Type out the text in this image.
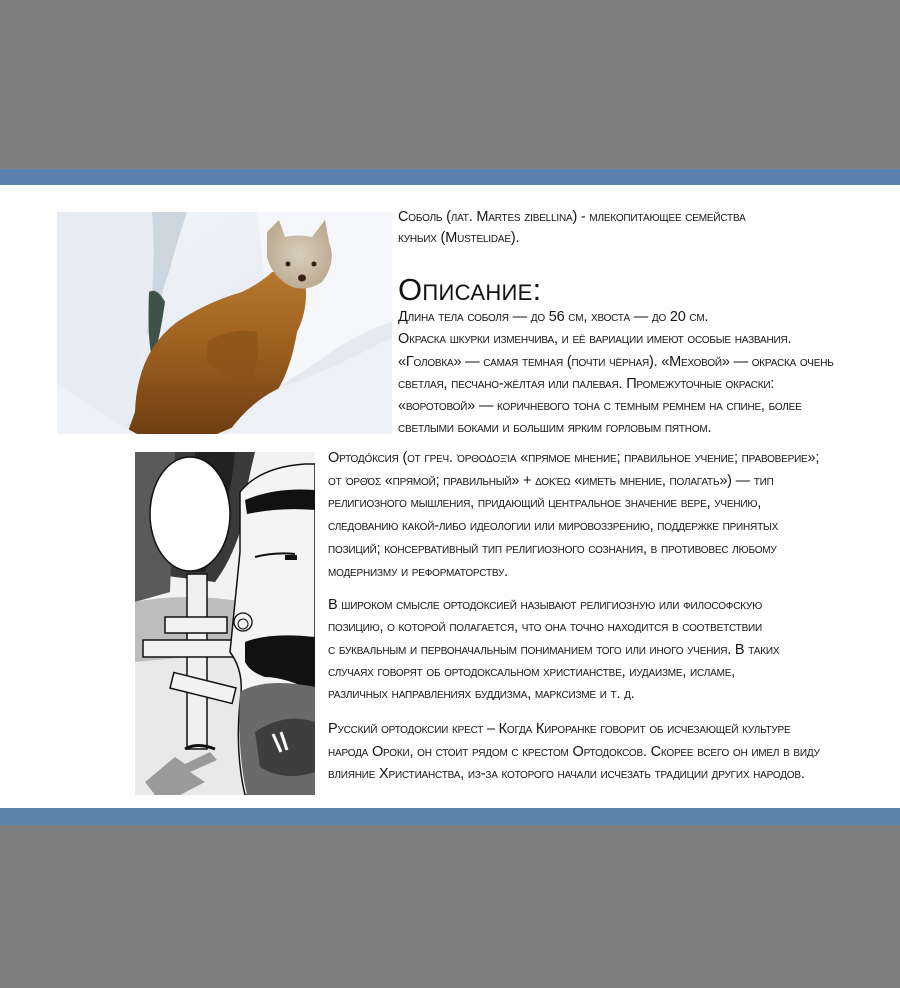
Соболь (лат. Martes zibellina) - млекопитающее семейства
куньих (Mustelidae).
Описание:
Длина тела соболя — до 56 см, хвоста — до 20 см.
Окраска шкурки изменчива, и её вариации имеют особые названия.
«Головка» — самая темная (почти чёрная). «Меховой» — окраска очень
светлая, песчано-жёлтая или палевая. Промежуточные окраски:
«воротовой» — коричневого тона с темным ремнем на спине, более
светлыми боками и большим ярким горловым пятном.
Ортодо́ксия (от греч. ὀρθοδοξία «прямое мнение; правильное учение; правоверие»;
от ὀρθός «прямой; правильный» + δοκέω «иметь мнение, полагать») — тип
религиозного мышления, придающий центральное значение вере, учению,
следованию какой-либо идеологии или мировоззрению, поддержке принятых
позиций; консервативный тип религиозного сознания, в противовес любому
модернизму и реформаторству.
В широком смысле ортодоксией называют религиозную или философскую
позицию, о которой полагается, что она точно находится в соответствии
с буквальным и первоначальным пониманием того или иного учения. В таких
случаях говорят об ортодоксальном христианстве, иудаизме, исламе,
различных направлениях буддизма, марксизме и т. д.
Русский ортодоксии крест – Когда Кироранке говорит об исчезающей культуре
народа Ороки, он стоит рядом с крестом Ортодоксов. Скорее всего он имел в виду
влияние Христианства, из-за которого начали исчезать традиции других народов.
